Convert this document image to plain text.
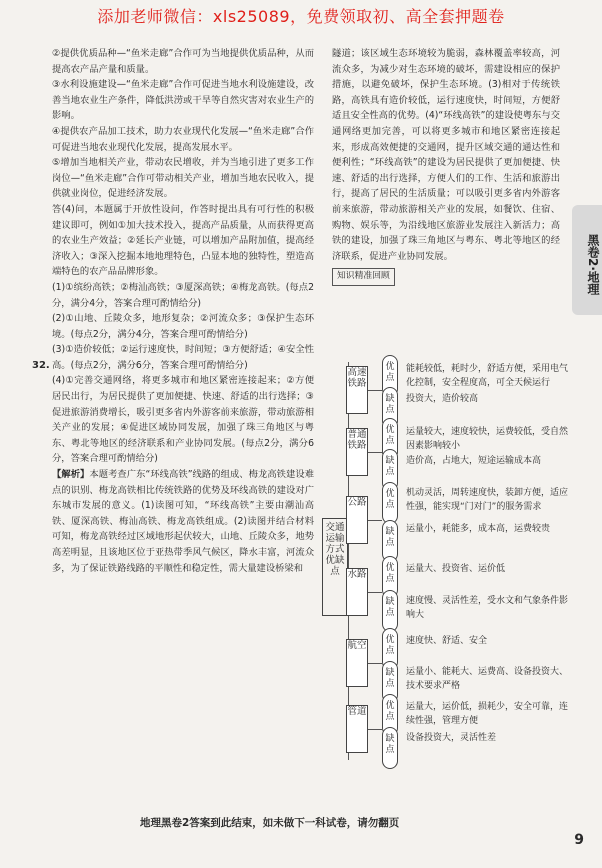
添加老师微信：xls25089，免费领取初、高全套押题卷

②提供优质品种—“鱼米走廊”合作可为当地提供优质品种，从而提高农产品产量和质量。

③水利设施建设—“鱼米走廊”合作可促进当地水利设施建设，改善当地农业生产条件，降低洪涝或干旱等自然灾害对农业生产的影响。

④提供农产品加工技术，助力农业现代化发展—“鱼米走廊”合作可促进当地农业现代化发展，提高发展水平。

⑤增加当地相关产业，带动农民增收，并为当地引进了更多工作岗位—“鱼米走廊”合作可带动相关产业，增加当地农民收入，提供就业岗位，促进经济发展。

答(4)问，本题属于开放性设问，作答时提出具有可行性的积极建议即可，例如①加大技术投入，提高产品质量，从而获得更高的农业生产效益；②延长产业链，可以增加产品附加值，提高经济收入；③深入挖掘本地地理特色，凸显本地的独特性，塑造高端特色的农产品品牌形象。

(1)①缤纷高铁；②梅汕高铁；③厦深高铁；④梅龙高铁。(每点2分，满分4分，答案合理可酌情给分)

(2)①山地、丘陵众多，地形复杂；②河流众多；③保护生态环境。(每点2分，满分4分，答案合理可酌情给分)

(3)①造价较低；②运行速度快，时间短；③方便舒适；④安全性高。(每点2分，满分6分，答案合理可酌情给分)

(4)①完善交通网络，将更多城市和地区紧密连接起来；②方便居民出行，为居民提供了更加便捷、快速、舒适的出行选择；③促进旅游消费增长，吸引更多省内外游客前来旅游，带动旅游相关产业的发展；④促进区域协同发展，加强了珠三角地区与粤东、粤北等地区的经济联系和产业协同发展。(每点2分，满分6分，答案合理可酌情给分)

【解析】本题考查广东“环线高铁”线路的组成、梅龙高铁建设难点的识别、梅龙高铁相比传统铁路的优势及环线高铁的建设对广东城市发展的意义。(1)读图可知，“环线高铁”主要由潮汕高铁、厦深高铁、梅汕高铁、梅龙高铁组成。(2)读图并结合材料可知，梅龙高铁经过区域地形起伏较大，山地、丘陵众多，地势高差明显，且该地区位于亚热带季风气候区，降水丰富，河流众多，为了保证铁路线路的平顺性和稳定性，需大量建设桥梁和

32.

隧道；该区域生态环境较为脆弱，森林覆盖率较高，河流众多，为减少对生态环境的破坏，需建设相应的保护措施，以避免破坏，保护生态环境。(3)相对于传统铁路，高铁具有造价较低，运行速度快，时间短，方便舒适且安全性高的优势。(4)“环线高铁”的建设使粤东与交通网络更加完善，可以将更多城市和地区紧密连接起来，形成高效便捷的交通网，提升区域交通的通达性和便利性；“环线高铁”的建设为居民提供了更加便捷、快速、舒适的出行选择，方便人们的工作、生活和旅游出行，提高了居民的生活质量；可以吸引更多省内外游客前来旅游，带动旅游相关产业的发展，如餐饮、住宿、购物、娱乐等，为沿线地区旅游业发展注入新活力；高铁的建设，加强了珠三角地区与粤东、粤北等地区的经济联系，促进产业协同发展。

知识精准回顾	黑卷2·地理
交通运输方式优缺点
高速铁路
优点
缺点
能耗较低，耗时少，舒适方便，采用电气化控制，安全程度高，可全天候运行
投资大，造价较高
普通铁路
优点
缺点
运量较大，速度较快，运费较低，受自然因素影响较小
造价高，占地大，短途运输成本高
公路
优点
缺点
机动灵活，周转速度快，装卸方便，适应性强，能实现“门对门”的服务需求
运量小，耗能多，成本高，运费较贵
水路
优点
缺点
运量大、投资省、运价低
速度慢、灵活性差，受水文和气象条件影响大
航空
优点
缺点
速度快、舒适、安全
运量小、能耗大、运费高、设备投资大、技术要求严格
管道
优点
缺点
运量大，运价低，损耗少，安全可靠，连续性强，管理方便
设备投资大，灵活性差
地理黑卷2答案到此结束，如未做下一科试卷，请勿翻页
9
